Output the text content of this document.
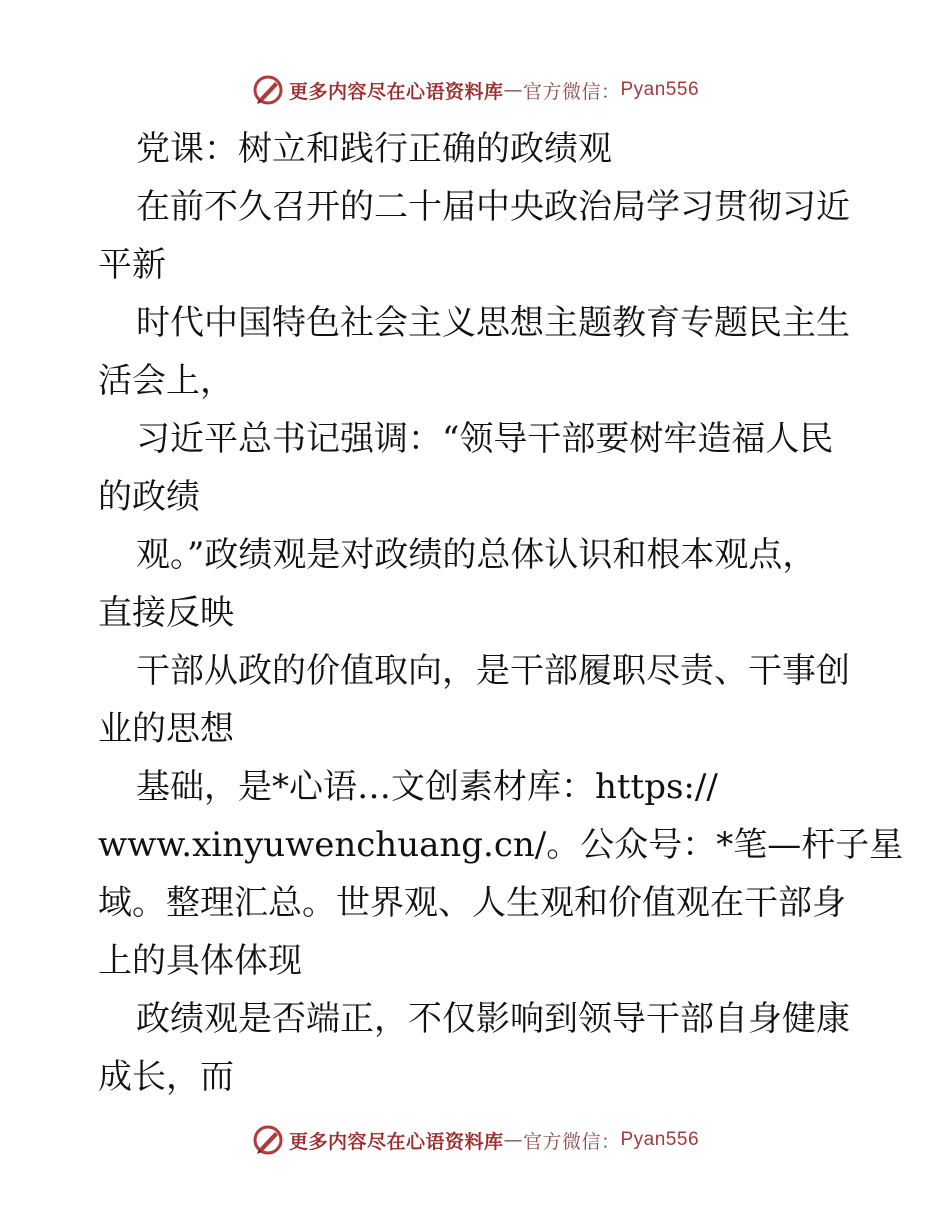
更多内容尽在心语资料库 — 官方微信： Pyan556
党课：树立和践行正确的政绩观
在前不久召开的二十届中央政治局学习贯彻习近
平新
时代中国特色社会主义思想主题教育专题民主生
活会上，
习近平总书记强调：“领导干部要树牢造福人民
的政绩
观。”政绩观是对政绩的总体认识和根本观点，
直接反映
干部从政的价值取向，是干部履职尽责、干事创
业的思想
基础，是*心语…文创素材库：https://
www.xinyuwenchuang.cn/。公众号：*笔—杆子星
域。整理汇总。世界观、人生观和价值观在干部身
上的具体体现
政绩观是否端正，不仅影响到领导干部自身健康
成长，而
更多内容尽在心语资料库 — 官方微信： Pyan556
